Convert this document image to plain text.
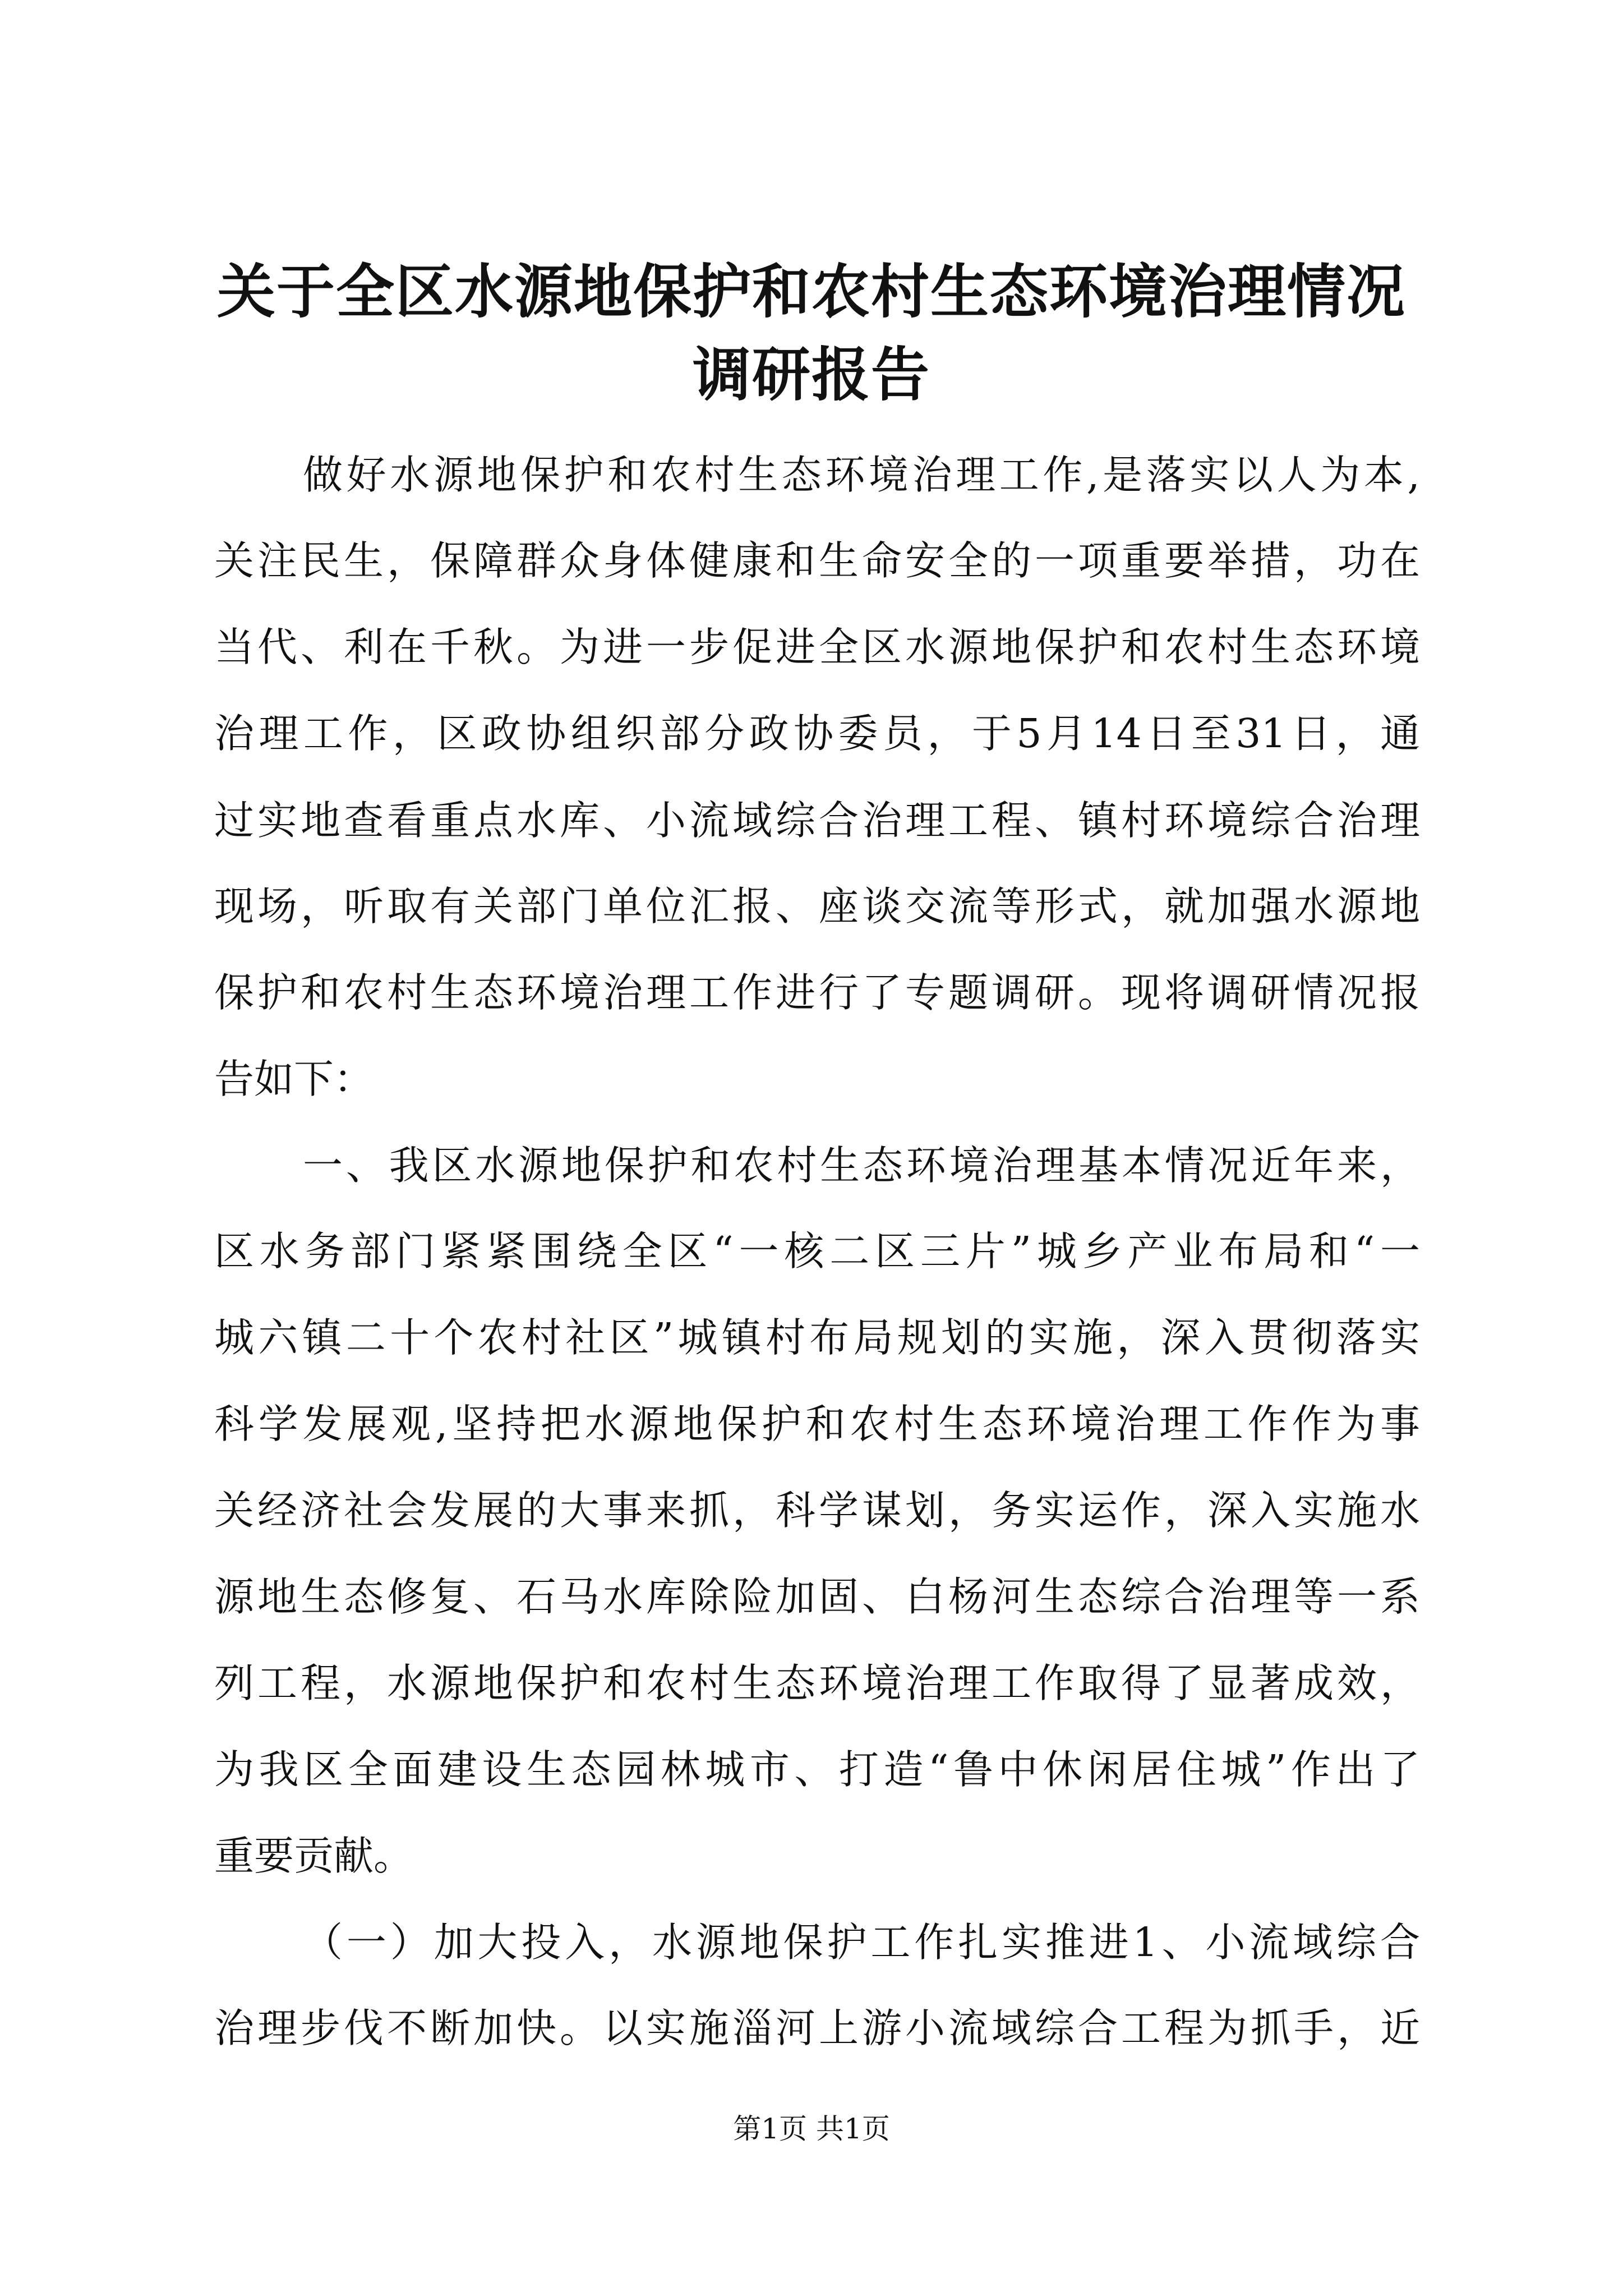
关于全区水源地保护和农村生态环境治理情况
调研报告

做好水源地保护和农村生态环境治理工作,是落实以人为本,

关注民生，保障群众身体健康和生命安全的一项重要举措，功在

当代、利在千秋。为进一步促进全区水源地保护和农村生态环境

治理工作，区政协组织部分政协委员，于5月14日至31日，通

过实地查看重点水库、小流域综合治理工程、镇村环境综合治理

现场，听取有关部门单位汇报、座谈交流等形式，就加强水源地

保护和农村生态环境治理工作进行了专题调研。现将调研情况报

告如下：

一、我区水源地保护和农村生态环境治理基本情况近年来，

区水务部门紧紧围绕全区“一核二区三片”城乡产业布局和“一

城六镇二十个农村社区”城镇村布局规划的实施，深入贯彻落实

科学发展观,坚持把水源地保护和农村生态环境治理工作作为事

关经济社会发展的大事来抓，科学谋划，务实运作，深入实施水

源地生态修复、石马水库除险加固、白杨河生态综合治理等一系

列工程，水源地保护和农村生态环境治理工作取得了显著成效，

为我区全面建设生态园林城市、打造“鲁中休闲居住城”作出了

重要贡献。

（一）加大投入，水源地保护工作扎实推进1、小流域综合

治理步伐不断加快。以实施淄河上游小流域综合工程为抓手，近

第1页 共1页
